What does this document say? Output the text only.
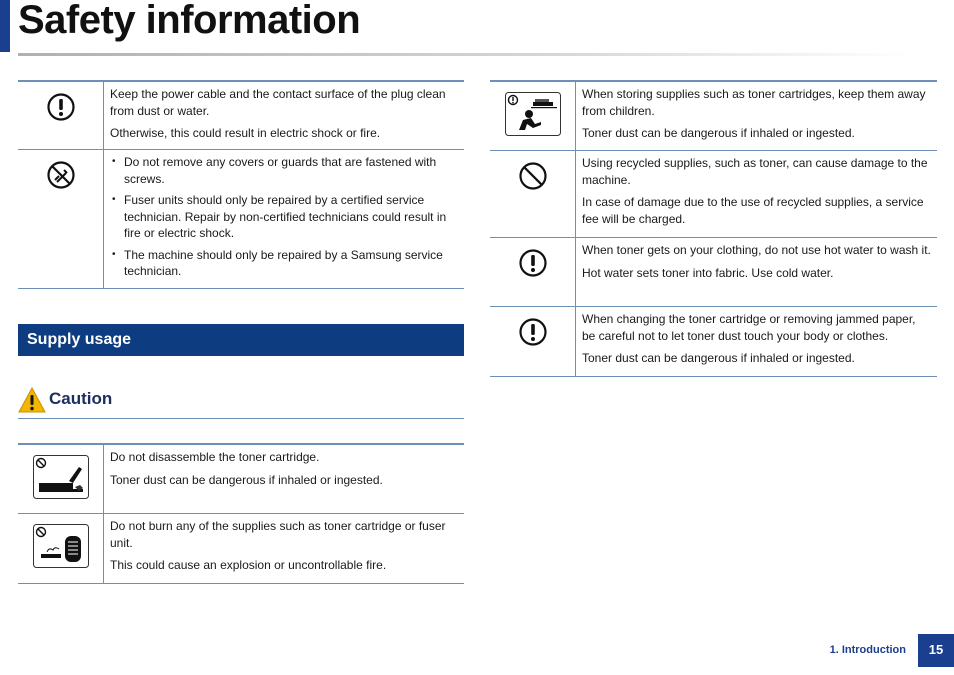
Safety information

Keep the power cable and the contact surface of the plug clean from dust or water.

Otherwise, this could result in electric shock or fire.

• Do not remove any covers or guards that are fastened with screws.
• Fuser units should only be repaired by a certified service technician. Repair by non-certified technicians could result in fire or electric shock.
• The machine should only be repaired by a Samsung service technician.
Supply usage
Caution

Do not disassemble the toner cartridge.

Toner dust can be dangerous if inhaled or ingested.

Do not burn any of the supplies such as toner cartridge or fuser unit.

This could cause an explosion or uncontrollable fire.

When storing supplies such as toner cartridges, keep them away from children.

Toner dust can be dangerous if inhaled or ingested.

Using recycled supplies, such as toner, can cause damage to the machine.

In case of damage due to the use of recycled supplies, a service fee will be charged.

When toner gets on your clothing, do not use hot water to wash it.

Hot water sets toner into fabric. Use cold water.

When changing the toner cartridge or removing jammed paper, be careful not to let toner dust touch your body or clothes.

Toner dust can be dangerous if inhaled or ingested.

1. Introduction	15
